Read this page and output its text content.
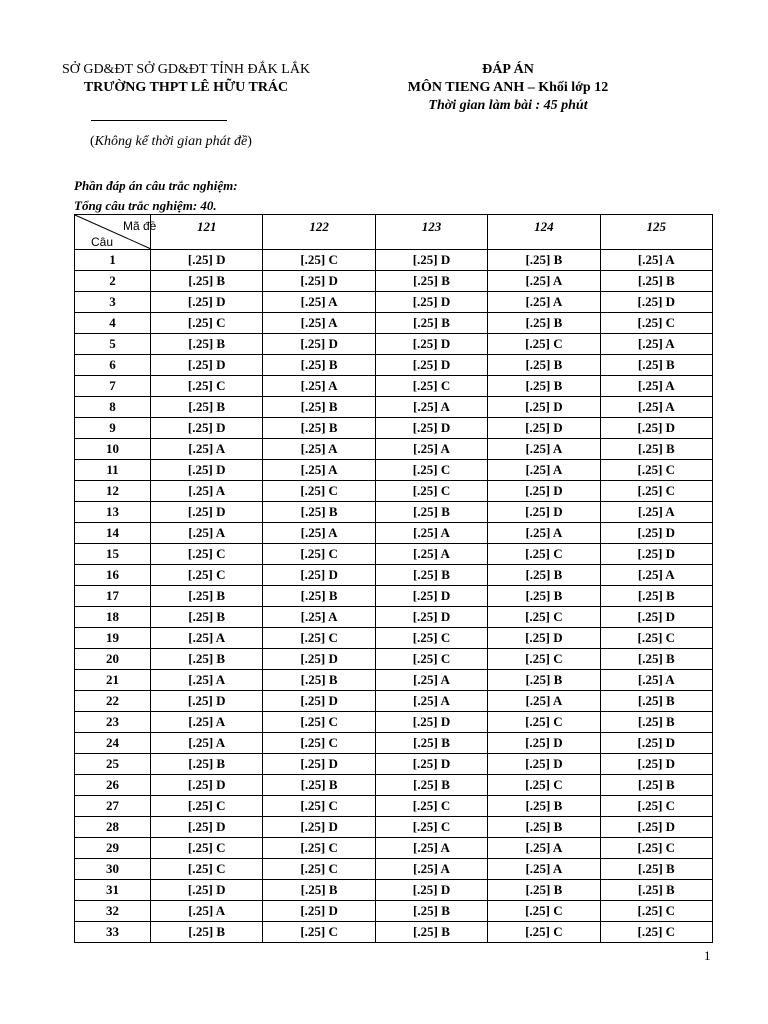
SỞ GD&ĐT SỞ GD&ĐT TỈNH ĐẮK LẮK
TRƯỜNG THPT LÊ HỮU TRÁC
ĐÁP ÁN
MÔN TIENG ANH – Khối lớp 12
Thời gian làm bài : 45 phút
(Không kể thời gian phát đề)
Phần đáp án câu trắc nghiệm:
Tổng câu trắc nghiệm: 40.
Mã đề
Câu	121	122	123	124	125
1	[.25] D	[.25] C	[.25] D	[.25] B	[.25] A
2	[.25] B	[.25] D	[.25] B	[.25] A	[.25] B
3	[.25] D	[.25] A	[.25] D	[.25] A	[.25] D
4	[.25] C	[.25] A	[.25] B	[.25] B	[.25] C
5	[.25] B	[.25] D	[.25] D	[.25] C	[.25] A
6	[.25] D	[.25] B	[.25] D	[.25] B	[.25] B
7	[.25] C	[.25] A	[.25] C	[.25] B	[.25] A
8	[.25] B	[.25] B	[.25] A	[.25] D	[.25] A
9	[.25] D	[.25] B	[.25] D	[.25] D	[.25] D
10	[.25] A	[.25] A	[.25] A	[.25] A	[.25] B
11	[.25] D	[.25] A	[.25] C	[.25] A	[.25] C
12	[.25] A	[.25] C	[.25] C	[.25] D	[.25] C
13	[.25] D	[.25] B	[.25] B	[.25] D	[.25] A
14	[.25] A	[.25] A	[.25] A	[.25] A	[.25] D
15	[.25] C	[.25] C	[.25] A	[.25] C	[.25] D
16	[.25] C	[.25] D	[.25] B	[.25] B	[.25] A
17	[.25] B	[.25] B	[.25] D	[.25] B	[.25] B
18	[.25] B	[.25] A	[.25] D	[.25] C	[.25] D
19	[.25] A	[.25] C	[.25] C	[.25] D	[.25] C
20	[.25] B	[.25] D	[.25] C	[.25] C	[.25] B
21	[.25] A	[.25] B	[.25] A	[.25] B	[.25] A
22	[.25] D	[.25] D	[.25] A	[.25] A	[.25] B
23	[.25] A	[.25] C	[.25] D	[.25] C	[.25] B
24	[.25] A	[.25] C	[.25] B	[.25] D	[.25] D
25	[.25] B	[.25] D	[.25] D	[.25] D	[.25] D
26	[.25] D	[.25] B	[.25] B	[.25] C	[.25] B
27	[.25] C	[.25] C	[.25] C	[.25] B	[.25] C
28	[.25] D	[.25] D	[.25] C	[.25] B	[.25] D
29	[.25] C	[.25] C	[.25] A	[.25] A	[.25] C
30	[.25] C	[.25] C	[.25] A	[.25] A	[.25] B
31	[.25] D	[.25] B	[.25] D	[.25] B	[.25] B
32	[.25] A	[.25] D	[.25] B	[.25] C	[.25] C
33	[.25] B	[.25] C	[.25] B	[.25] C	[.25] C
1
